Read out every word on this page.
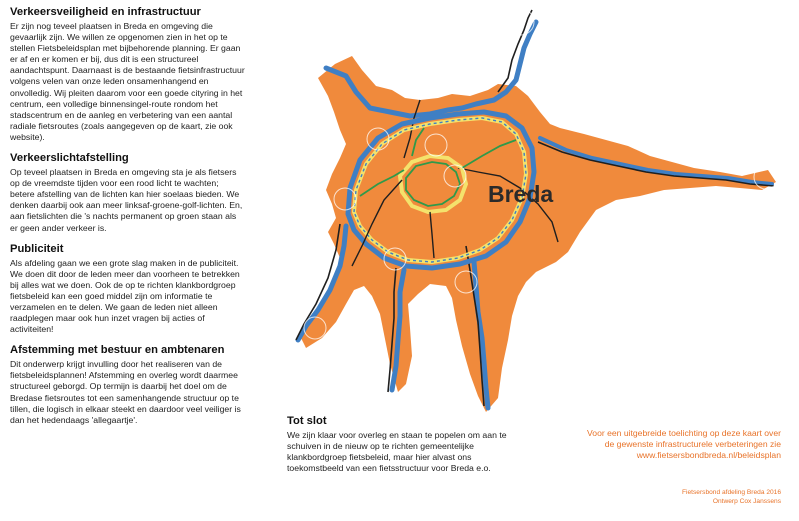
Verkeersveiligheid en infrastructuur

Er zijn nog teveel plaatsen in Breda en omgeving die gevaarlijk zijn. We willen ze opgenomen zien in het op te stellen Fietsbeleidsplan met bijbehorende planning. Er gaan er af en er komen er bij, dus dit is een structureel aandachtspunt. Daarnaast is de bestaande fietsinfrastructuur volgens velen van onze leden onsamenhangend en onvolledig. Wij pleiten daarom voor een goede cityring in het centrum, een volledige binnensingel-route rondom het stadscentrum en de aanleg en verbetering van een aantal radiale fietsroutes (zoals aangegeven op de kaart, zie ook website).

Verkeerslichtafstelling

Op teveel plaatsen in Breda en omgeving sta je als fietsers op de vreemdste tijden voor een rood licht te wachten; betere afstelling van de lichten kan hier soelaas bieden. We denken daarbij ook aan meer linksaf-groene-golf-lichten. En, aan fietslichten die 's nachts permanent op groen staan als er geen ander verkeer is.

Publiciteit

Als afdeling gaan we een grote slag maken in de publiciteit. We doen dit door de leden meer dan voorheen te betrekken bij alles wat we doen. Ook de op te richten klankbordgroep fietsbeleid kan een goed middel zijn om informatie te verzamelen en te delen. We gaan de leden niet alleen raadplegen maar ook hun inzet vragen bij acties of activiteiten!

Afstemming met bestuur en ambtenaren

Dit onderwerp krijgt invulling door het realiseren van de fietsbeleidsplannen! Afstemming en overleg wordt daarmee structureel geborgd. Op termijn is daarbij het doel om de Bredase fietsroutes tot een samenhangende structuur op te tillen, die logisch in elkaar steekt en daardoor veel veiliger is dan het hedendaags 'allegaartje'.

Breda
Tot slot

We zijn klaar voor overleg en staan te popelen om aan te schuiven in de nieuw op te richten gemeentelijke klankbordgroep fietsbeleid, maar hier alvast ons toekomstbeeld van een fietsstructuur voor Breda e.o.

Voor een uitgebreide toelichting op deze kaart over
de gewenste infrastructurele verbeteringen zie
www.fietsersbondbreda.nl/beleidsplan
Fietsersbond afdeling Breda 2016
Ontwerp Cox Janssens
